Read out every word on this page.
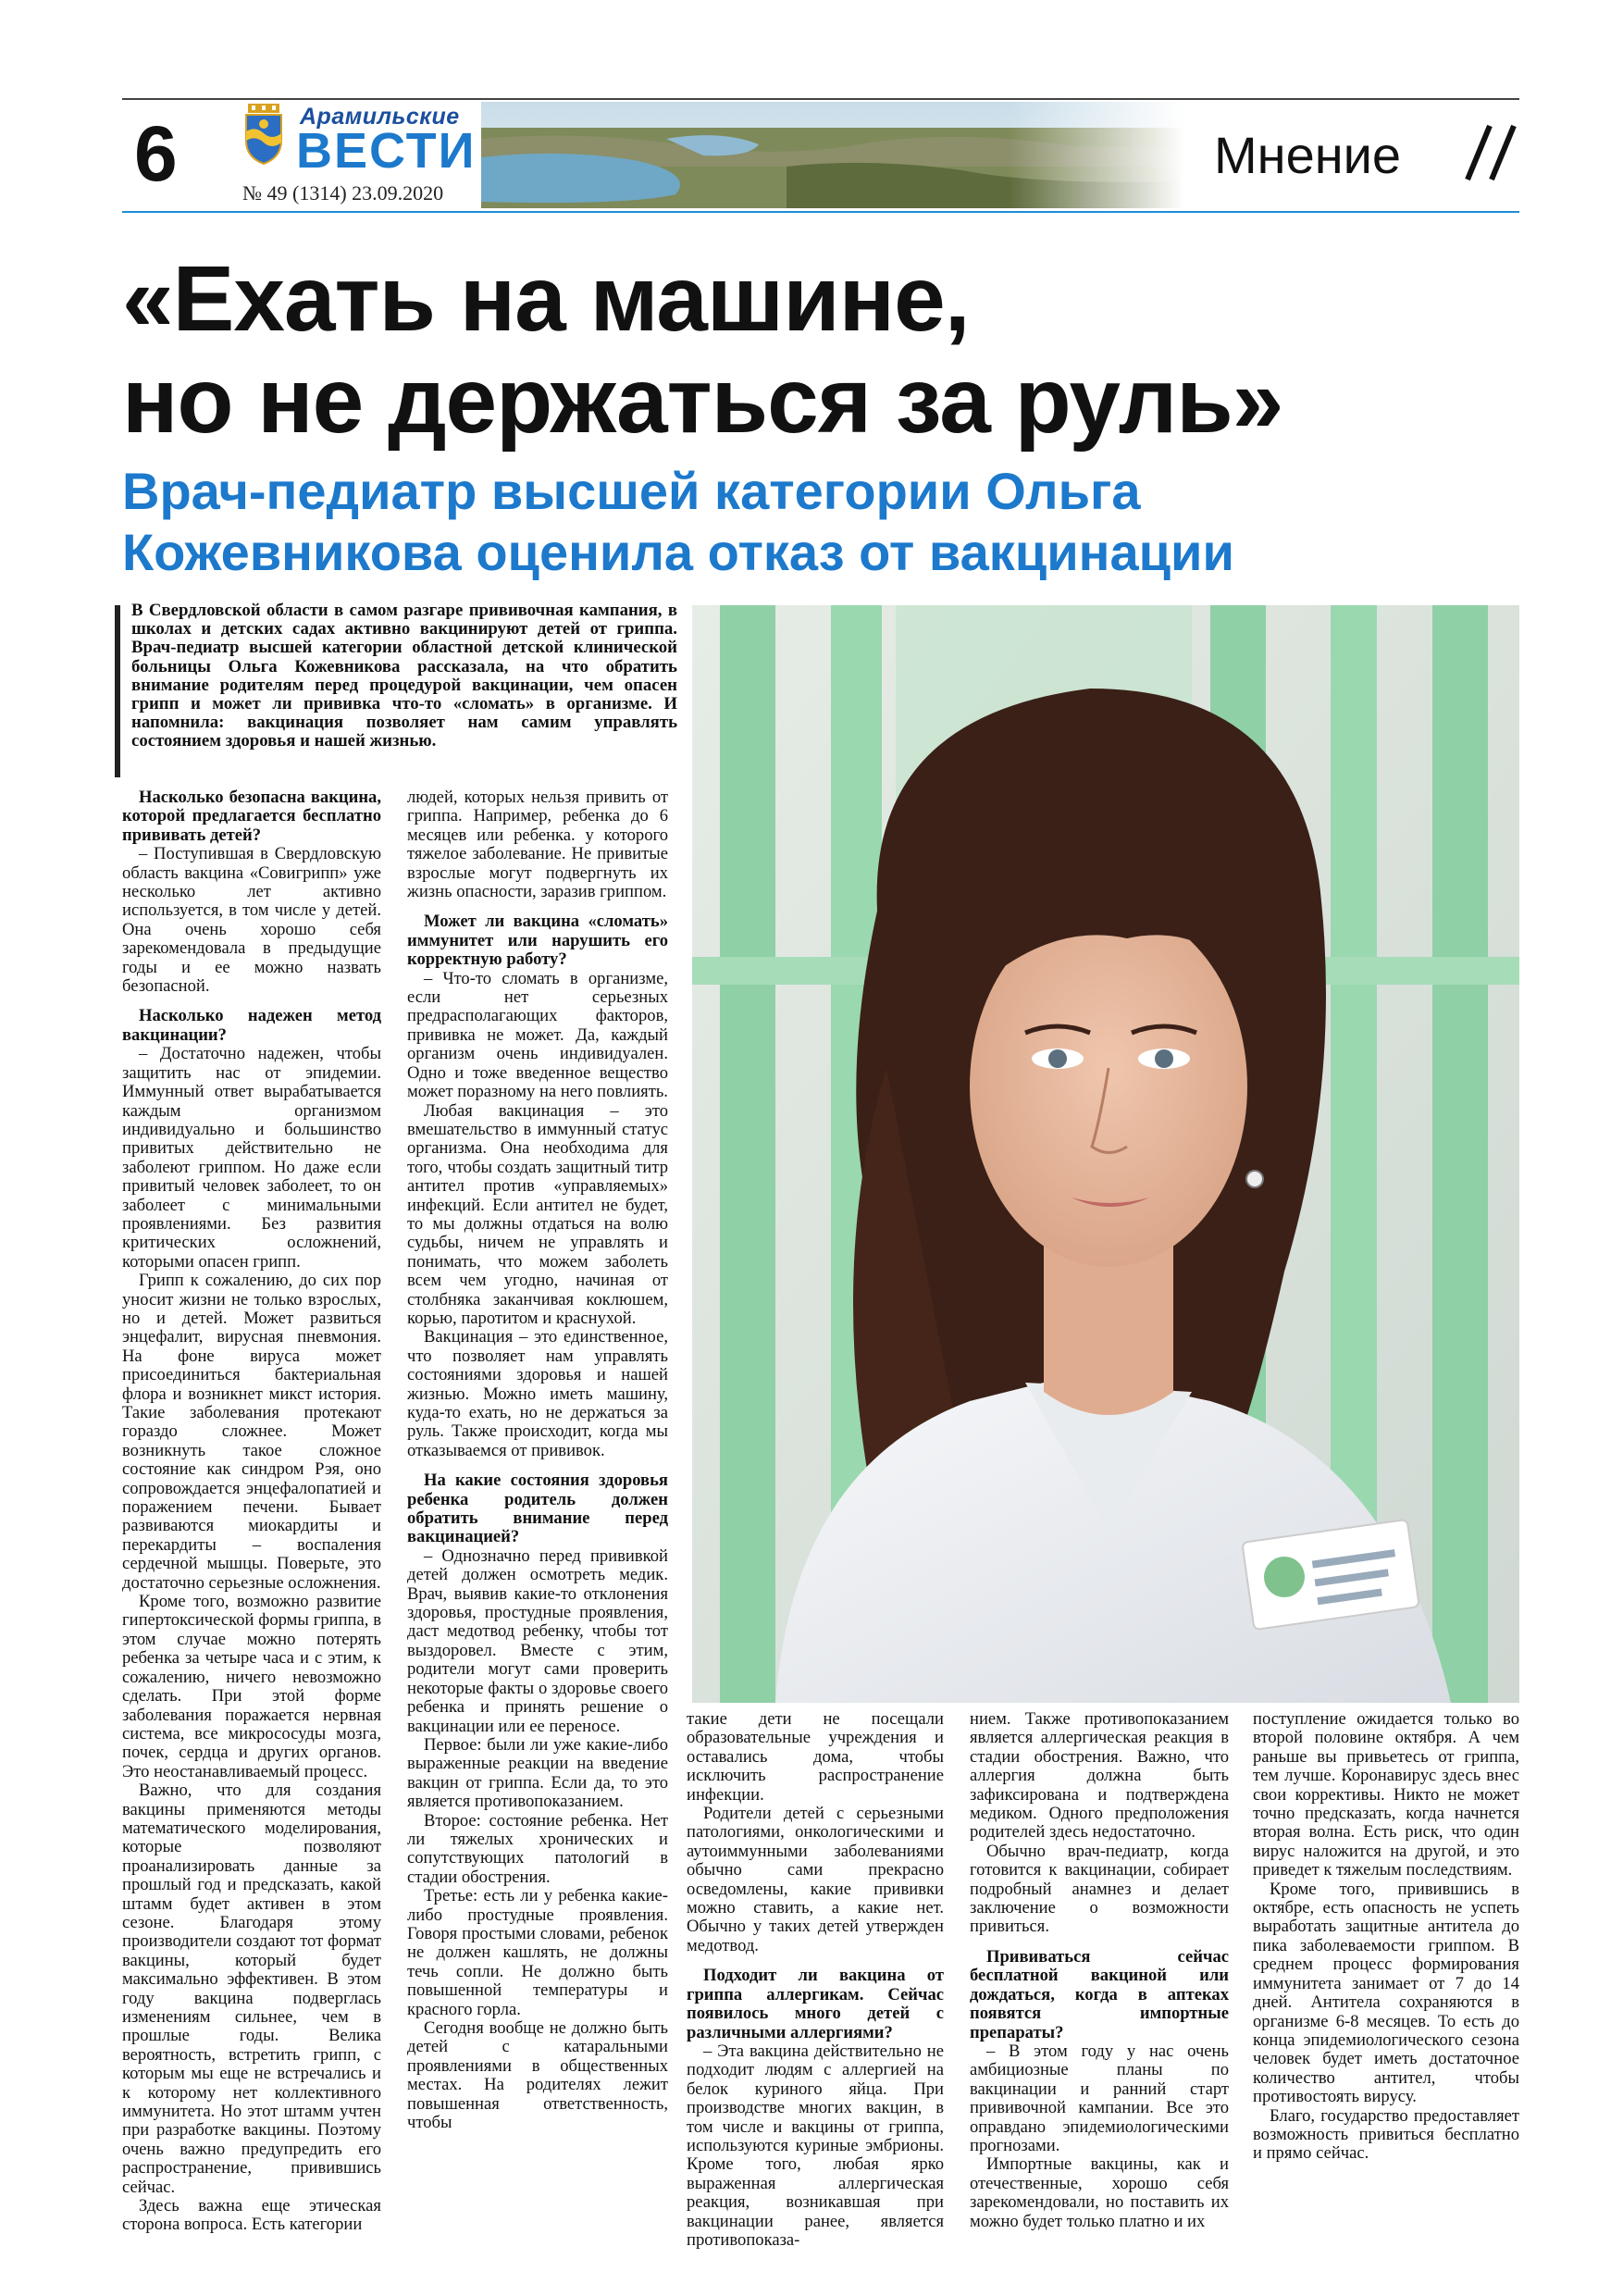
6	Арамильские
ВЕСТИ
№ 49 (1314) 23.09.2020
Мнение
«Ехать на машине,
но не держаться за руль»
Врач-педиатр высшей категории Ольга
Кожевникова оценила отказ от вакцинации
В Свердловской области в самом разгаре прививочная кампания, в школах и детских садах активно вакцинируют детей от гриппа. Врач-педиатр высшей категории областной детской клинической больницы Ольга Кожевникова рассказала, на что обратить внимание родителям перед процедурой вакцинации, чем опасен грипп и может ли прививка что-то «сломать» в организме. И напомнила: вакцинация позволяет нам самим управлять состоянием здоровья и нашей жизнью.

Насколько безопасна вакцина, которой предлагается бесплатно прививать детей?

– Поступившая в Свердловскую область вакцина «Совигрипп» уже несколько лет активно используется, в том числе у детей. Она очень хорошо себя зарекомендовала в предыдущие годы и ее можно назвать безопасной.

Насколько надежен метод вакцинации?

– Достаточно надежен, чтобы защитить нас от эпидемии. Иммунный ответ вырабатывается каждым организмом индивидуально и большинство привитых действительно не заболеют гриппом. Но даже если привитый человек заболеет, то он заболеет с минимальными проявлениями. Без развития критических осложнений, которыми опасен грипп.

Грипп к сожалению, до сих пор уносит жизни не только взрослых, но и детей. Может развиться энцефалит, вирусная пневмония. На фоне вируса может присоединиться бактериальная флора и возникнет микст история. Такие заболевания протекают гораздо сложнее. Может возникнуть такое сложное состояние как синдром Рэя, оно сопровождается энцефалопатией и поражением печени. Бывает развиваются миокардиты и перекардиты – воспаления сердечной мышцы. Поверьте, это достаточно серьезные осложнения.

Кроме того, возможно развитие гипертоксической формы гриппа, в этом случае можно потерять ребенка за четыре часа и с этим, к сожалению, ничего невозможно сделать. При этой форме заболевания поражается нервная система, все микрососуды мозга, почек, сердца и других органов. Это неостанавливаемый процесс.

Важно, что для создания вакцины применяются методы математического моделирования, которые позволяют проанализировать данные за прошлый год и предсказать, какой штамм будет активен в этом сезоне. Благодаря этому производители создают тот формат вакцины, который будет максимально эффективен. В этом году вакцина подверглась изменениям сильнее, чем в прошлые годы. Велика вероятность, встретить грипп, с которым мы еще не встречались и к которому нет коллективного иммунитета. Но этот штамм учтен при разработке вакцины. Поэтому очень важно предупредить его распространение, привившись сейчас.

Здесь важна еще этическая сторона вопроса. Есть категории

людей, которых нельзя привить от гриппа. Например, ребенка до 6 месяцев или ребенка. у которого тяжелое заболевание. Не привитые взрослые могут подвергнуть их жизнь опасности, заразив гриппом.

Может ли вакцина «сломать» иммунитет или нарушить его корректную работу?

– Что-то сломать в организме, если нет серьезных предрасполагающих факторов, прививка не может. Да, каждый организм очень индивидуален. Одно и тоже введенное вещество может поразному на него повлиять.

Любая вакцинация – это вмешательство в иммунный статус организма. Она необходима для того, чтобы создать защитный титр антител против «управляемых» инфекций. Если антител не будет, то мы должны отдаться на волю судьбы, ничем не управлять и понимать, что можем заболеть всем чем угодно, начиная от столбняка заканчивая коклюшем, корью, паротитом и краснухой.

Вакцинация – это единственное, что позволяет нам управлять состояниями здоровья и нашей жизнью. Можно иметь машину, куда-то ехать, но не держаться за руль. Также происходит, когда мы отказываемся от прививок.

На какие состояния здоровья ребенка родитель должен обратить внимание перед вакцинацией?

– Однозначно перед прививкой детей должен осмотреть медик. Врач, выявив какие-то отклонения здоровья, простудные проявления, даст медотвод ребенку, чтобы тот выздоровел. Вместе с этим, родители могут сами проверить некоторые факты о здоровье своего ребенка и принять решение о вакцинации или ее переносе.

Первое: были ли уже какие-либо выраженные реакции на введение вакцин от гриппа. Если да, то это является противопоказанием.

Второе: состояние ребенка. Нет ли тяжелых хронических и сопутствующих патологий в стадии обострения.

Третье: есть ли у ребенка какие-либо простудные проявления. Говоря простыми словами, ребенок не должен кашлять, не должны течь сопли. Не должно быть повышенной температуры и красного горла.

Сегодня вообще не должно быть детей с катаральными проявлениями в общественных местах. На родителях лежит повышенная ответственность, чтобы

такие дети не посещали образовательные учреждения и оставались дома, чтобы исключить распространение инфекции.

Родители детей с серьезными патологиями, онкологическими и аутоиммунными заболеваниями обычно сами прекрасно осведомлены, какие прививки можно ставить, а какие нет. Обычно у таких детей утвержден медотвод.

Подходит ли вакцина от гриппа аллергикам. Сейчас появилось много детей с различными аллергиями?

– Эта вакцина действительно не подходит людям с аллергией на белок куриного яйца. При производстве многих вакцин, в том числе и вакцины от гриппа, используются куриные эмбрионы. Кроме того, любая ярко выраженная аллергическая реакция, возникавшая при вакцинации ранее, является противопоказа-

нием. Также противопоказанием является аллергическая реакция в стадии обострения. Важно, что аллергия должна быть зафиксирована и подтверждена медиком. Одного предположения родителей здесь недостаточно.

Обычно врач-педиатр, когда готовится к вакцинации, собирает подробный анамнез и делает заключение о возможности привиться.

Прививаться сейчас бесплатной вакциной или дождаться, когда в аптеках появятся импортные препараты?

– В этом году у нас очень амбициозные планы по вакцинации и ранний старт прививочной кампании. Все это оправдано эпидемиологическими прогнозами.

Импортные вакцины, как и отечественные, хорошо себя зарекомендовали, но поставить их можно будет только платно и их

поступление ожидается только во второй половине октября. А чем раньше вы привьетесь от гриппа, тем лучше. Коронавирус здесь внес свои коррективы. Никто не может точно предсказать, когда начнется вторая волна. Есть риск, что один вирус наложится на другой, и это приведет к тяжелым последствиям.

Кроме того, привившись в октябре, есть опасность не успеть выработать защитные антитела до пика заболеваемости гриппом. В среднем процесс формирования иммунитета занимает от 7 до 14 дней. Антитела сохраняются в организме 6-8 месяцев. То есть до конца эпидемиологического сезона человек будет иметь достаточное количество антител, чтобы противостоять вирусу.

Благо, государство предоставляет возможность привиться бесплатно и прямо сейчас.
